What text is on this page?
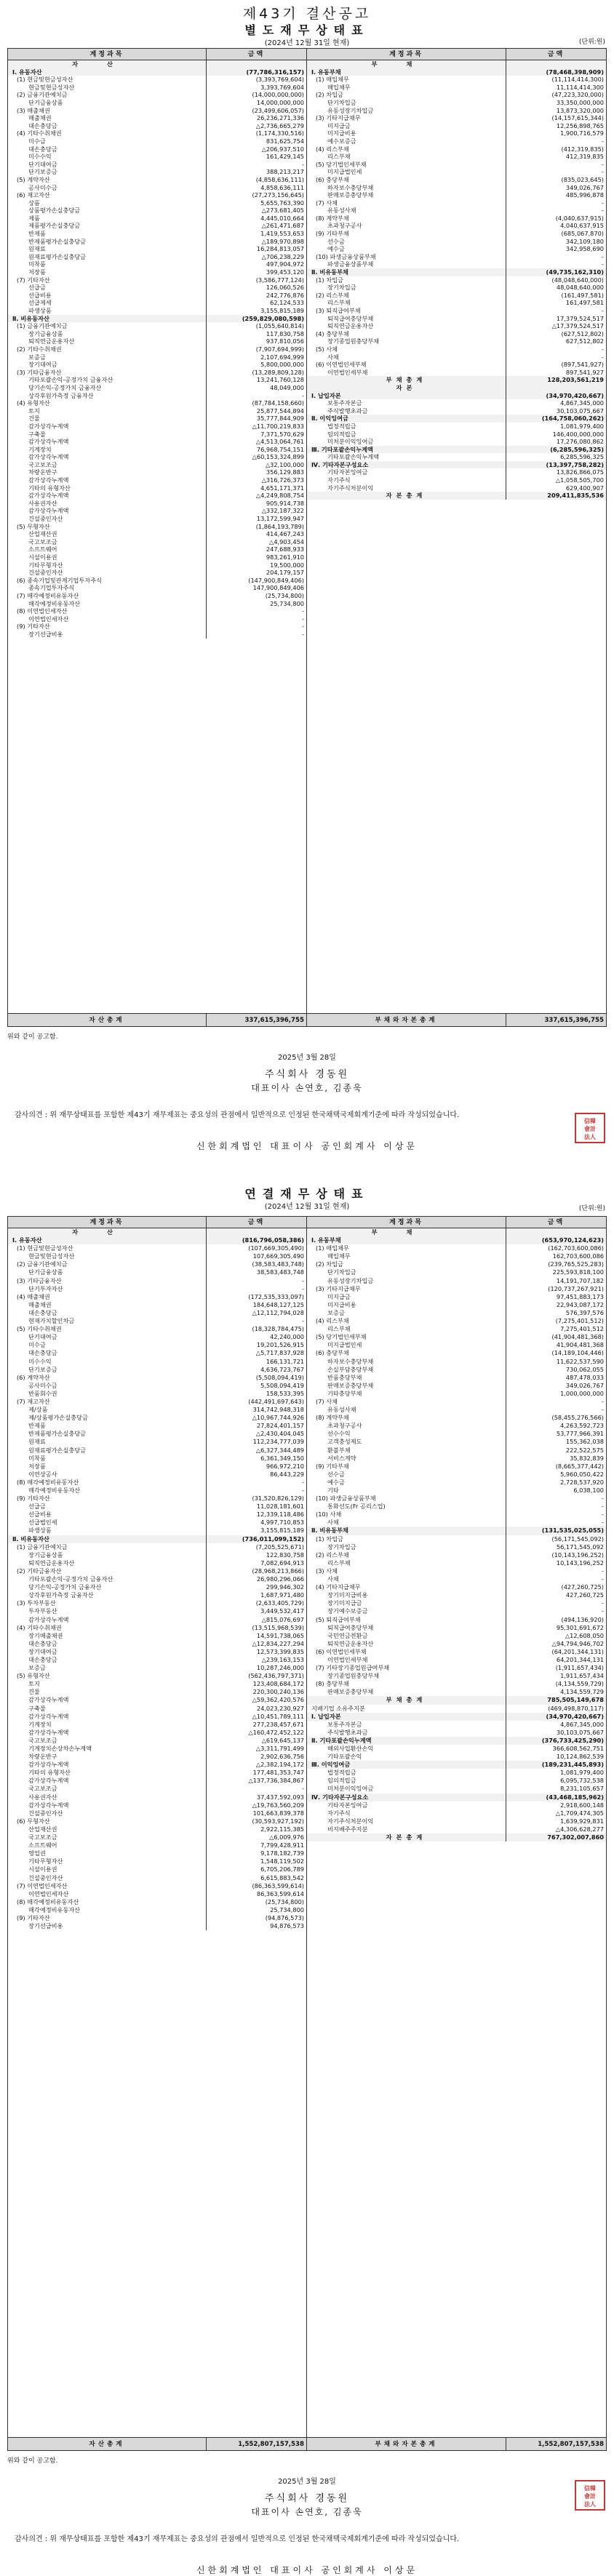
제43기 결산공고
별도재무상태표
(2024년 12월 31일 현재)	(단위:원)
계정과목	금액
자산
Ⅰ. 유동자산	(77,786,316,157)
(1) 현금및현금성자산	(3,393,769,604)
현금및현금성자산	3,393,769,604
(2) 금융기관예치금	(14,000,000,000)
단기금융상품	14,000,000,000
(3) 매출채권	(23,499,606,057)
매출채권	26,236,271,336
대손충당금	△2,736,665,279
(4) 기타수취채권	(1,174,330,516)
미수금	831,625,754
대손충당금	△206,937,510
미수수익	161,429,145
단기대여금	-
단기보증금	388,213,217
(5) 계약자산	(4,858,636,111)
공사미수금	4,858,636,111
(6) 재고자산	(27,273,156,645)
상품	5,655,763,390
상품평가손실충당금	△273,681,405
제품	4,445,010,664
제품평가손실충당금	△261,471,687
반제품	1,419,553,653
반제품평가손실충당금	△189,970,898
원재료	16,284,813,057
원재료평가손실충당금	△706,238,229
미착품	497,904,972
저장품	399,453,120
(7) 기타자산	(3,586,777,124)
선급금	126,060,526
선급비용	242,776,876
선급제세	62,124,533
파생상품	3,155,815,189
Ⅱ. 비유동자산	(259,829,080,598)
(1) 금융기관예치금	(1,055,640,814)
장기금융상품	117,830,758
퇴직연금운용자산	937,810,056
(2) 기타수취채권	(7,907,694,999)
보증금	2,107,694,999
장기대여금	5,800,000,000
(3) 기타금융자산	(13,289,809,128)
기타포괄손익-공정가치 금융자산	13,241,760,128
당기손익-공정가치 금융자산	48,049,000
상각후원가측정 금융자산	-
(4) 유형자산	(87,784,158,660)
토지	25,877,544,894
건물	35,777,844,909
감가상각누계액	△11,700,219,833
구축물	7,371,570,629
감가상각누계액	△4,513,064,761
기계장치	76,968,754,151
감가상각누계액	△60,153,324,899
국고보조금	△32,100,000
차량운반구	356,129,883
감가상각누계액	△316,726,373
기타의 유형자산	4,651,171,371
감가상각누계액	△4,249,808,754
사용권자산	905,914,738
감가상각누계액	△332,187,322
건설중인자산	13,172,599,947
(5) 무형자산	(1,864,193,789)
산업재산권	414,467,243
국고보조금	△4,903,454
소프트웨어	247,688,933
시설이용권	983,261,910
기타무형자산	19,500,000
건설중인자산	204,179,157
(6) 종속기업및관계기업투자주식	(147,900,849,406)
종속기업투자주식	147,900,849,406
(7) 매각예정비유동자산	(25,734,800)
매각예정비유동자산	25,734,800
(8) 이연법인세자산	-
이연법인세자산	-
(9) 기타자산	-
장기선급비용	-
자산총계	337,615,396,755
계정과목	금액
부채
Ⅰ. 유동부채	(78,468,398,909)
(1) 매입채무	(11,114,414,300)
매입채무	11,114,414,300
(2) 차입금	(47,223,320,000)
단기차입금	33,350,000,000
유동성장기차입금	13,873,320,000
(3) 기타지급채무	(14,157,615,344)
미지급금	12,256,898,765
미지급비용	1,900,716,579
예수보증금	-
(4) 리스부채	(412,319,835)
리스부채	412,319,835
(5) 당기법인세부채	-
미지급법인세	-
(6) 충당부채	(835,023,645)
하자보수충당부채	349,026,767
판매보증충당부채	485,996,878
(7) 사채	-
유동성사채	-
(8) 계약부채	(4,040,637,915)
초과청구공사	4,040,637,915
(9) 기타부채	(685,067,870)
선수금	342,109,180
예수금	342,958,690
(10) 파생금융상품부채	-
파생금융상품부채	-
Ⅱ. 비유동부채	(49,735,162,310)
(1) 차입금	(48,048,640,000)
장기차입금	48,048,640,000
(2) 리스부채	(161,497,581)
리스부채	161,497,581
(3) 퇴직급여부채	-
퇴직급여충당부채	17,379,524,517
퇴직연금운용자산	△17,379,524,517
(4) 충당부채	(627,512,802)
장기종업원충당부채	627,512,802
(5) 사채	-
사채	-
(6) 이연법인세부채	(897,541,927)
이연법인세부채	897,541,927
부채총계	128,203,561,219
자본
Ⅰ. 납입자본	(34,970,420,667)
보통주자본금	4,867,345,000
주식발행초과금	30,103,075,667
Ⅱ. 이익잉여금	(164,758,060,262)
법정적립금	1,081,979,400
임의적립금	146,400,000,000
미처분이익잉여금	17,276,080,862
Ⅲ. 기타포괄손익누계액	(6,285,596,325)
기타포괄손익누계액	6,285,596,325
Ⅳ. 기타자본구성요소	(13,397,758,282)
기타자본잉여금	13,826,866,075
자기주식	△1,058,505,700
자기주식처분이익	629,400,907
자본총계	209,411,835,536
부채와자본총계	337,615,396,755
위와 같이 공고함.
2025년 3월 28일
주식회사 경동원
대표이사 손연호, 김종욱
감사의견 : 위 재무상태표를 포함한 제43기 재무제표는 중요성의 관점에서 일반적으로 인정된 한국채택국제회계기준에 따라 작성되었습니다.
신한회계법인 대표이사 공인회계사 이상문
信韓
會計
法人
연결재무상태표
(2024년 12월 31일 현재)	(단위:원)
계정과목	금액
자산
Ⅰ. 유동자산	(816,796,058,386)
(1) 현금및현금성자산	(107,669,305,490)
현금및현금성자산	107,669,305,490
(2) 금융기관예치금	(38,583,483,748)
단기금융상품	38,583,483,748
(3) 기타금융자산	-
단기투자자산	-
(4) 매출채권	(172,535,333,097)
매출채권	184,648,127,125
대손충당금	△12,112,794,028
현재가치할인차금	-
(5) 기타수취채권	(18,328,784,475)
단기대여금	42,240,000
미수금	19,201,526,915
대손충당금	△5,717,837,928
미수수익	166,131,721
단기보증금	4,636,723,767
(6) 계약자산	(5,508,094,419)
공사미수금	5,508,094,419
반품회수권	158,533,395
(7) 재고자산	(442,491,697,643)
제/상품	314,742,948,318
제/상품평가손실충당금	△10,967,744,926
반제품	27,824,401,157
반제품평가손실충당금	△2,430,404,045
원재료	112,234,777,039
원재료평가손실충당금	△6,327,344,489
미착품	6,361,349,150
저장품	966,972,210
이연상공사	86,443,229
(8) 매각예정비유동자산	-
매각예정비유동자산	-
(9) 기타자산	(31,520,826,129)
선급금	11,028,181,601
선급비용	12,339,118,486
선급법인세	4,997,710,853
파생상품	3,155,815,189
Ⅱ. 비유동자산	(736,011,099,152)
(1) 금융기관예치금	(7,205,525,671)
장기금융상품	122,830,758
퇴직연금운용자산	7,082,694,913
(2) 기타금융자산	(28,968,213,866)
기타포괄손익-공정가치 금융자산	26,980,296,066
당기손익-공정가치 금융자산	299,946,302
상각후원가측정 금융자산	1,687,971,480
(3) 투자부동산	(2,633,405,729)
투자부동산	3,449,532,417
감가상각누계액	△815,076,697
(4) 기타수취채권	(13,515,968,539)
장기매출채권	14,591,738,065
대손충당금	△12,834,227,294
장기대여금	12,573,399,835
대손충당금	△239,163,153
보증금	10,287,246,000
(5) 유형자산	(562,436,797,371)
토지	123,408,684,172
건물	220,300,240,136
감가상각누계액	△59,362,420,576
구축물	24,023,230,927
감가상각누계액	△10,451,789,111
기계장치	277,238,457,671
감가상각누계액	△160,472,452,122
국고보조금	△619,645,137
기계장치손상차손누계액	△3,311,791,499
차량운반구	2,902,636,756
감가상각누계액	△2,382,194,172
기타의 유형자산	177,481,353,747
감가상각누계액	△137,736,384,867
국고보조금	-
사용권자산	37,437,592,093
감가상각누계액	△19,763,560,209
건설중인자산	101,663,839,378
(6) 무형자산	(30,593,927,192)
산업재산권	2,922,115,385
국고보조금	△6,009,976
소프트웨어	7,799,428,911
영업권	9,178,182,739
기타무형자산	1,548,119,502
시설이용권	6,705,206,789
건설중인자산	6,615,883,542
(7) 이연법인세자산	(86,363,599,614)
이연법인세자산	86,363,599,614
(8) 매각예정비유동자산	(25,734,800)
매각예정비유동자산	25,734,800
(9) 기타자산	(94,876,573)
장기선급비용	94,876,573
자산총계	1,552,807,157,538
계정과목	금액
부채
Ⅰ. 유동부채	(653,970,124,623)
(1) 매입채무	(162,703,600,086)
매입채무	162,703,600,086
(2) 차입금	(239,765,525,283)
단기차입금	225,593,818,100
유동성장기차입금	14,191,707,182
(3) 기타지급채무	(120,737,267,921)
미지급금	97,451,883,173
미지급비용	22,943,087,172
보증금	576,397,576
(4) 리스부채	(7,275,401,512)
리스부채	7,275,401,512
(5) 당기법인세부채	(41,904,481,368)
미지급법인세	41,904,481,368
(6) 충당부채	(14,189,104,446)
하자보수충당부채	11,622,537,590
손실부담충당부채	730,062,055
반품충당부채	487,478,033
판매보증충당부채	349,026,767
기타충당부채	1,000,000,000
(7) 사채	-
유동성사채	-
(8) 계약부채	(58,455,276,566)
초과청구공사	4,263,592,723
선수수익	53,777,966,391
고객충성제도	155,362,038
환불부채	222,522,575
서비스계약	35,832,839
(9) 기타부채	(8,665,377,442)
선수금	5,960,050,422
예수금	2,728,537,920
기타	6,038,100
(10) 파생금융상품부채	-
통화선도(Fr 공리스업)	-
(10) 사채	-
사채	-
Ⅱ. 비유동부채	(131,535,025,055)
(1) 차입금	(56,171,545,092)
장기차입금	56,171,545,092
(2) 리스부채	(10,143,196,252)
리스부채	10,143,196,252
(3) 사채	-
사채	-
(4) 기타지급채무	(427,260,725)
장기미지급비용	427,260,725
장기미지급금	-
장기예수보증금	-
(5) 퇴직급여부채	(494,136,920)
퇴직급여충당부채	95,301,691,672
국민연금전환금	△12,608,050
퇴직연금운용자산	△94,794,946,702
(6) 이연법인세부채	(64,201,344,131)
이연법인세부채	64,201,344,131
(7) 기타장기종업원급여부채	(1,911,657,434)
장기종업원충당부채	1,911,657,434
(8) 충당부채	(4,134,559,729)
판매보증충당부채	4,134,559,729
부채총계	785,505,149,678
지배기업 소유주지분	(469,498,870,117)
Ⅰ. 납입자본	(34,970,420,667)
보통주자본금	4,867,345,000
주식발행초과금	30,103,075,667
Ⅱ. 기타포괄손익누계액	(376,733,425,290)
해외사업환산손익	366,608,562,751
기타포괄손익	10,124,862,539
Ⅲ. 이익잉여금	(189,231,445,893)
법정적립금	1,081,979,400
임의적립금	6,095,732,538
미처분이익잉여금	8,231,105,657
Ⅳ. 기타자본구성요소	(43,468,185,962)
기타자본잉여금	2,918,600,148
자기주식	△1,709,474,305
자기주식처분이익	1,639,929,831
비지배주주지분	△4,306,628,277
자본총계	767,302,007,860
부채와자본총계	1,552,807,157,538
위와 같이 공고함.
2025년 3월 28일
주식회사 경동원
대표이사 손연호, 김종욱
감사의견 : 위 재무상태표를 포함한 제43기 재무제표는 중요성의 관점에서 일반적으로 인정된 한국채택국제회계기준에 따라 작성되었습니다.
신한회계법인 대표이사 공인회계사 이상문
信韓
會計
法人
